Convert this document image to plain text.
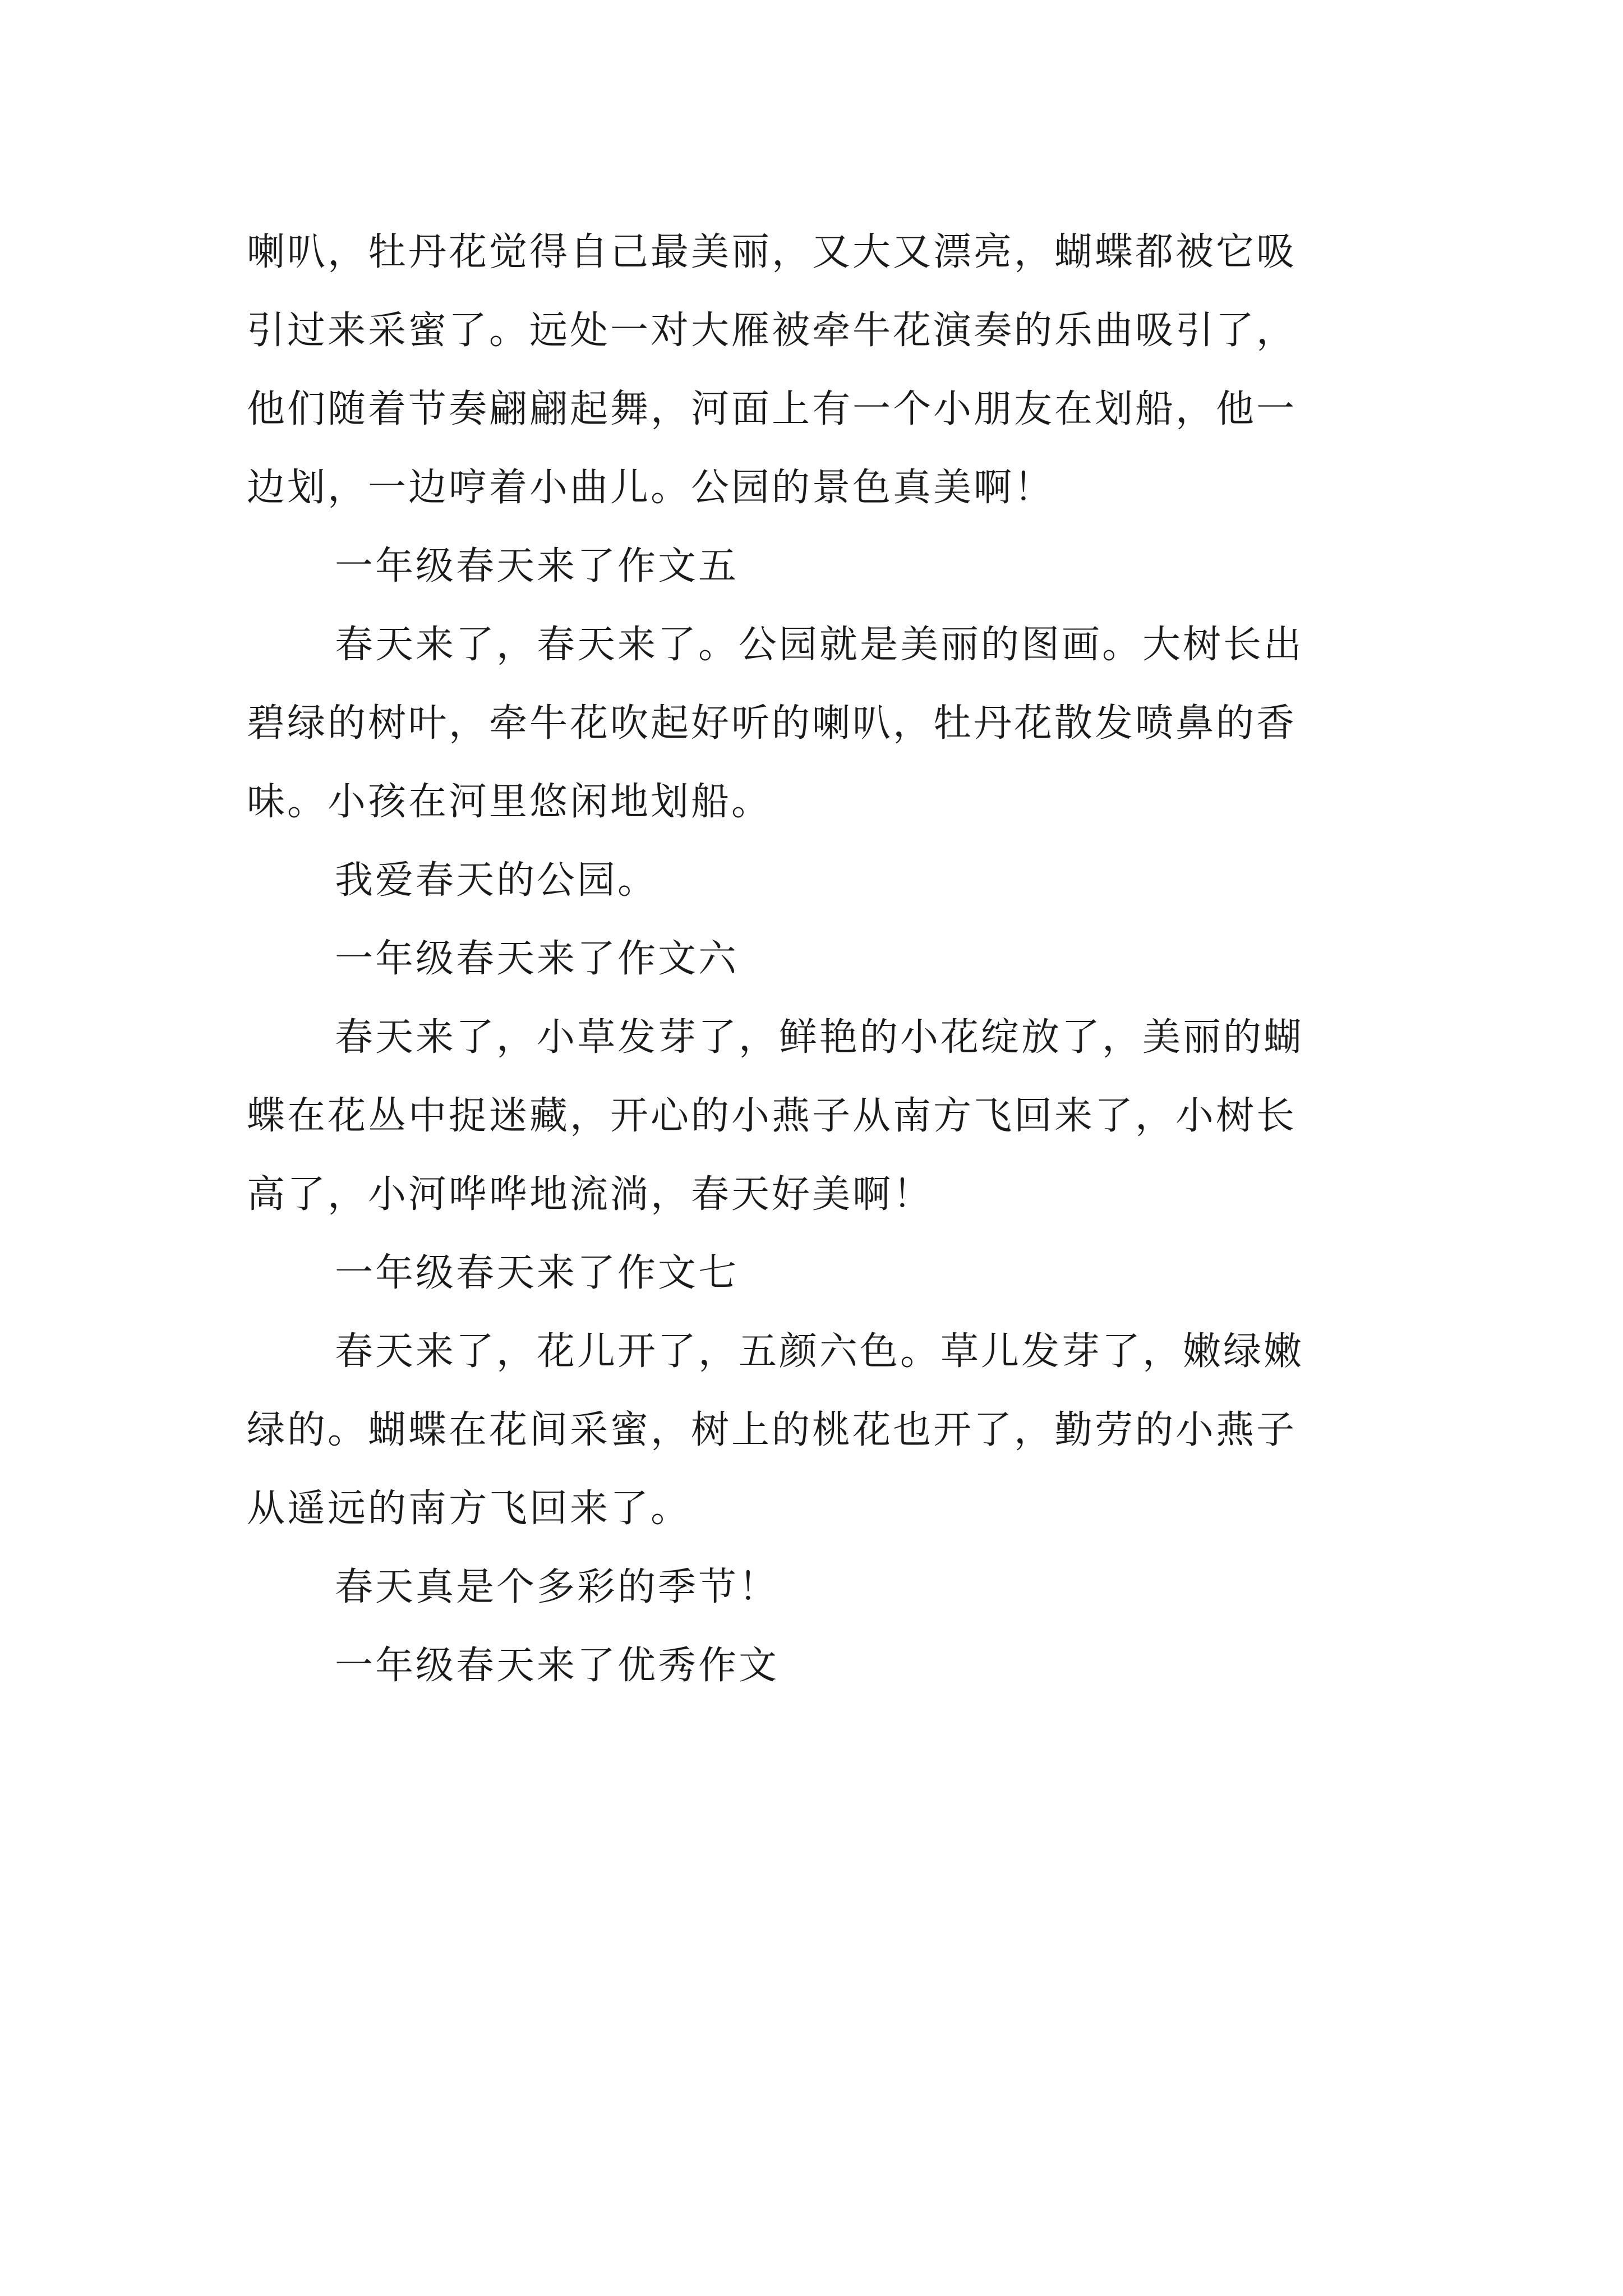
喇叭，牡丹花觉得自己最美丽，又大又漂亮，蝴蝶都被它吸
引过来采蜜了。远处一对大雁被牵牛花演奏的乐曲吸引了，
他们随着节奏翩翩起舞，河面上有一个小朋友在划船，他一
边划，一边哼着小曲儿。公园的景色真美啊！
一年级春天来了作文五
春天来了，春天来了。公园就是美丽的图画。大树长出
碧绿的树叶，牵牛花吹起好听的喇叭，牡丹花散发喷鼻的香
味。小孩在河里悠闲地划船。
我爱春天的公园。
一年级春天来了作文六
春天来了，小草发芽了，鲜艳的小花绽放了，美丽的蝴
蝶在花丛中捉迷藏，开心的小燕子从南方飞回来了，小树长
高了，小河哗哗地流淌，春天好美啊！
一年级春天来了作文七
春天来了，花儿开了，五颜六色。草儿发芽了，嫩绿嫩
绿的。蝴蝶在花间采蜜，树上的桃花也开了，勤劳的小燕子
从遥远的南方飞回来了。
春天真是个多彩的季节！
一年级春天来了优秀作文
